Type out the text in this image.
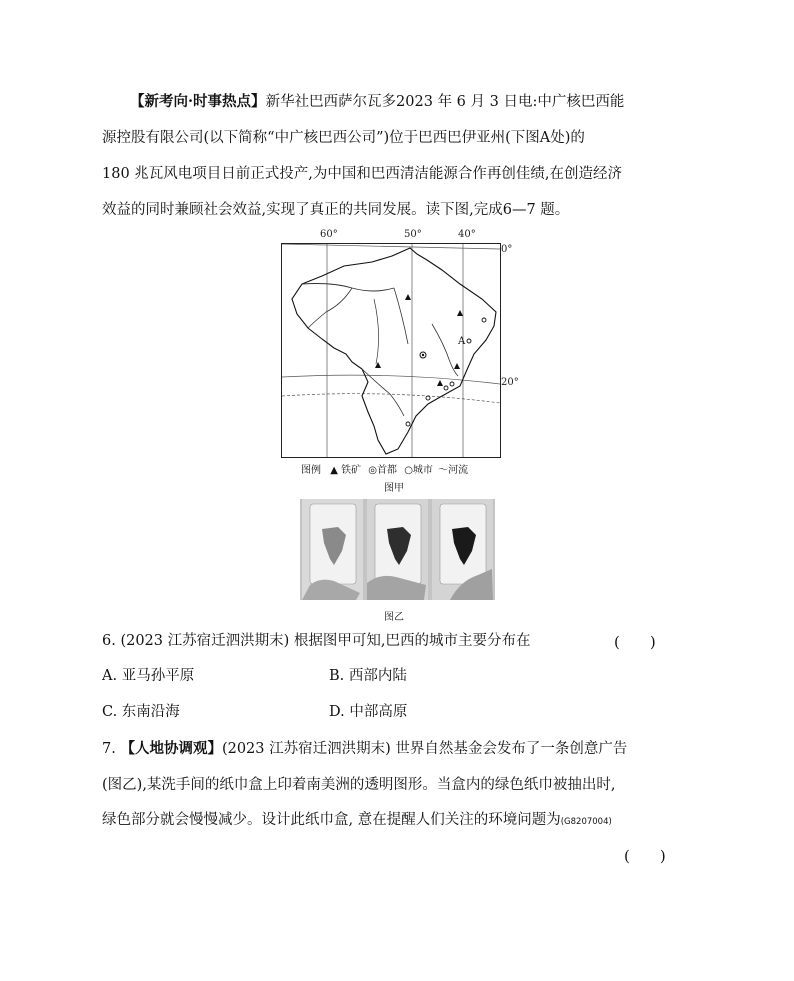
【新考向·时事热点】新华社巴西萨尔瓦多2023 年 6 月 3 日电:中广核巴西能
源控股有限公司(以下简称“中广核巴西公司”)位于巴西巴伊亚州(下图A处)的
180 兆瓦风电项目日前正式投产,为中国和巴西清洁能源合作再创佳绩,在创造经济
效益的同时兼顾社会效益,实现了真正的共同发展。读下图,完成6—7 题。
60°	50°	40°
0°
20°
A
图例 ▲ 铁矿 ◎首都 ○城市 〜河流
图甲
图乙
6. (2023 江苏宿迁泗洪期末) 根据图甲可知,巴西的城市主要分布在	(　　)
A. 亚马孙平原	B. 西部内陆
C. 东南沿海	D. 中部高原
7. 【人地协调观】(2023 江苏宿迁泗洪期末) 世界自然基金会发布了一条创意广告
(图乙),某洗手间的纸巾盒上印着南美洲的透明图形。当盒内的绿色纸巾被抽出时,
绿色部分就会慢慢减少。设计此纸巾盒, 意在提醒人们关注的环境问题为(G8207004)
(　　)
